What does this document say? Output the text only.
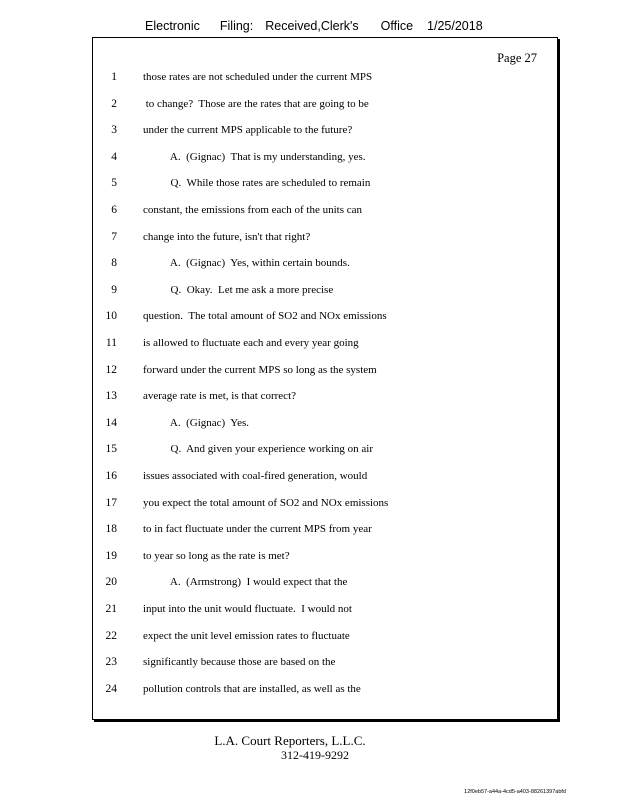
Electronic Filing: Received,Clerk's Office 1/25/2018
Page 27
1 those rates are not scheduled under the current MPS
2 to change?  Those are the rates that are going to be
3 under the current MPS applicable to the future?
4 A.  (Gignac)  That is my understanding, yes.
5 Q.  While those rates are scheduled to remain
6 constant, the emissions from each of the units can
7 change into the future, isn't that right?
8 A.  (Gignac)  Yes, within certain bounds.
9 Q.  Okay.  Let me ask a more precise
10 question.  The total amount of SO2 and NOx emissions
11 is allowed to fluctuate each and every year going
12 forward under the current MPS so long as the system
13 average rate is met, is that correct?
14 A.  (Gignac)  Yes.
15 Q.  And given your experience working on air
16 issues associated with coal-fired generation, would
17 you expect the total amount of SO2 and NOx emissions
18 to in fact fluctuate under the current MPS from year
19 to year so long as the rate is met?
20 A.  (Armstrong)  I would expect that the
21 input into the unit would fluctuate.  I would not
22 expect the unit level emission rates to fluctuate
23 significantly because those are based on the
24 pollution controls that are installed, as well as the
L.A. Court Reporters, L.L.C.
312-419-9292
12f0eb57-a44a-4cd5-a403-88261397abfd
